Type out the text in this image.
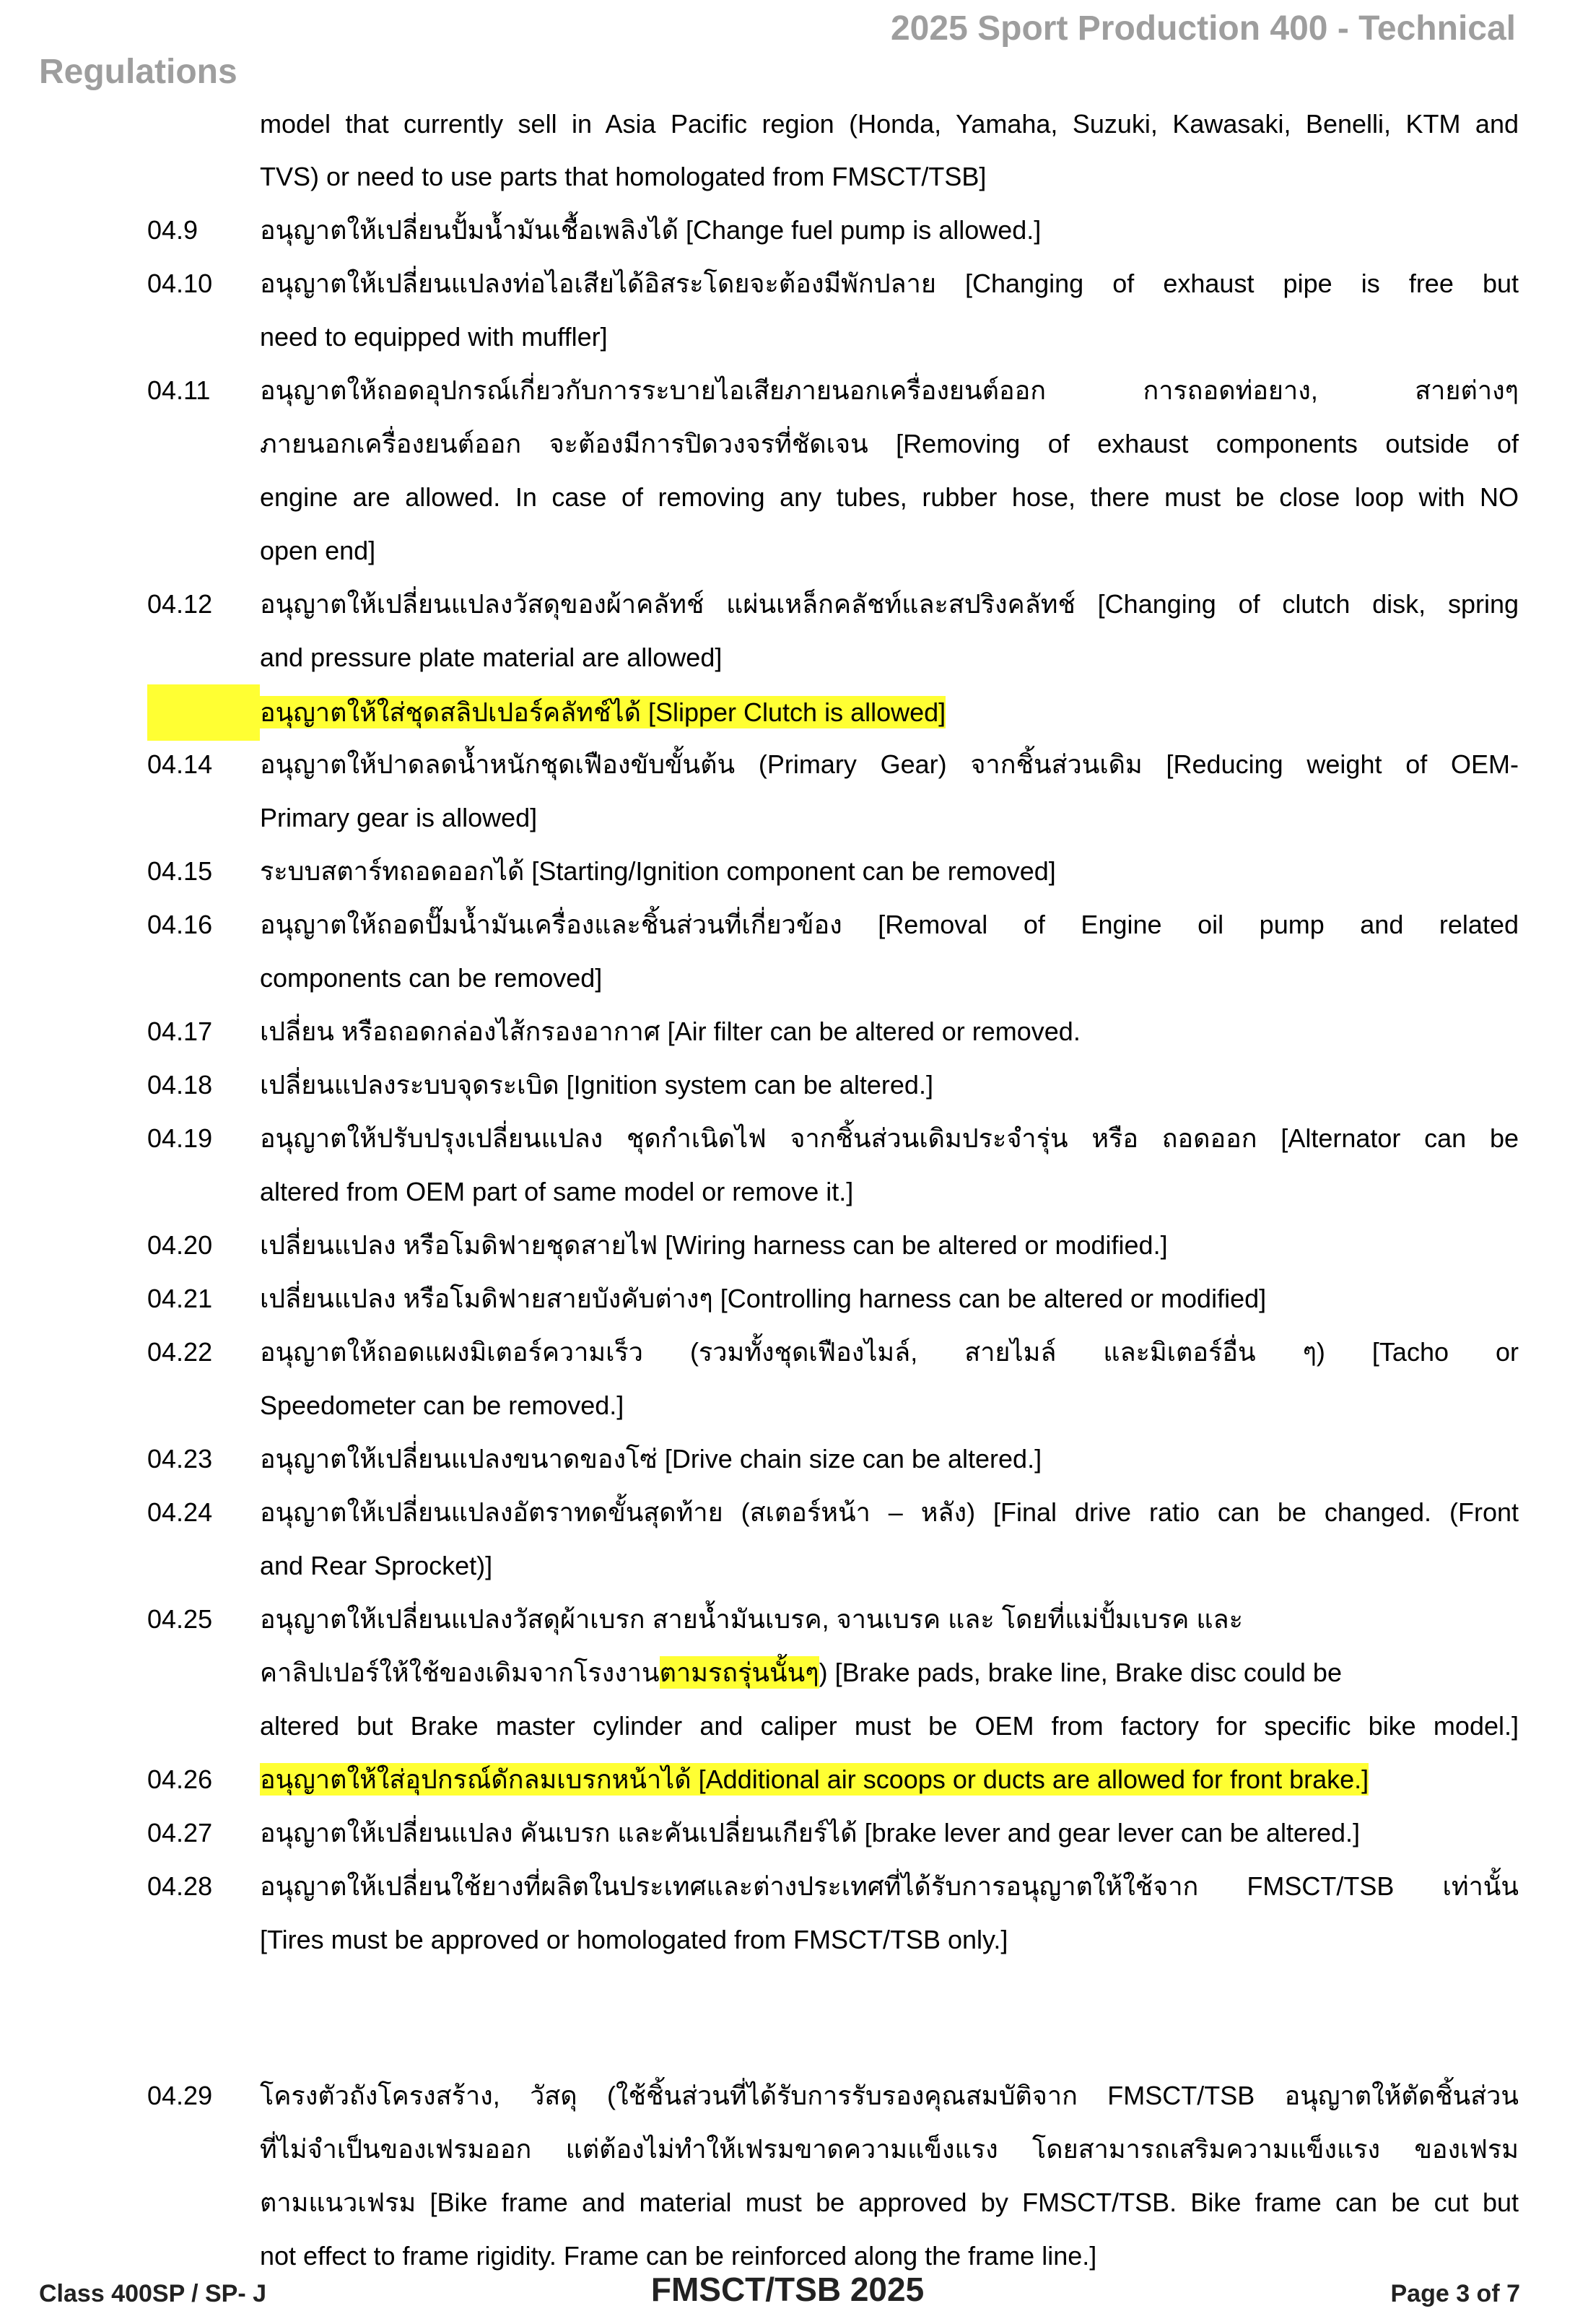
2025 Sport Production 400 - Technical
Regulations
model that currently sell in Asia Pacific region (Honda, Yamaha, Suzuki, Kawasaki, Benelli, KTM and
TVS) or need to use parts that homologated from FMSCT/TSB]
04.9 อนุญาตให้เปลี่ยนปั้มน้ำมันเชื้อเพลิงได้ [Change fuel pump is allowed.]
04.10 อนุญาตให้เปลี่ยนแปลงท่อไอเสียได้อิสระโดยจะต้องมีพักปลาย [Changing of exhaust pipe is free but
need to equipped with muffler]
04.11 อนุญาตให้ถอดอุปกรณ์เกี่ยวกับการระบายไอเสียภายนอกเครื่องยนต์ออก การถอดท่อยาง, สายต่างๆ
ภายนอกเครื่องยนต์ออก จะต้องมีการปิดวงจรที่ชัดเจน [Removing of exhaust components outside of
engine are allowed. In case of removing any tubes, rubber hose, there must be close loop with NO
open end]
04.12 อนุญาตให้เปลี่ยนแปลงวัสดุของผ้าคลัทช์ แผ่นเหล็กคลัชท์และสปริงคลัทช์ [Changing of clutch disk, spring
and pressure plate material are allowed]
อนุญาตให้ใส่ชุดสลิปเปอร์คลัทช์ได้ [Slipper Clutch is allowed]
04.14 อนุญาตให้ปาดลดน้ำหนักชุดเฟืองขับขั้นต้น (Primary Gear) จากชิ้นส่วนเดิม [Reducing weight of OEM-
Primary gear is allowed]
04.15 ระบบสตาร์ทถอดออกได้ [Starting/Ignition component can be removed]
04.16 อนุญาตให้ถอดปั๊มน้ำมันเครื่องและชิ้นส่วนที่เกี่ยวข้อง [Removal of Engine oil pump and related
components can be removed]
04.17 เปลี่ยน หรือถอดกล่องไส้กรองอากาศ [Air filter can be altered or removed.
04.18 เปลี่ยนแปลงระบบจุดระเบิด [Ignition system can be altered.]
04.19 อนุญาตให้ปรับปรุงเปลี่ยนแปลง ชุดกำเนิดไฟ จากชิ้นส่วนเดิมประจำรุ่น หรือ ถอดออก [Alternator can be
altered from OEM part of same model or remove it.]
04.20 เปลี่ยนแปลง หรือโมดิฟายชุดสายไฟ [Wiring harness can be altered or modified.]
04.21 เปลี่ยนแปลง หรือโมดิฟายสายบังคับต่างๆ [Controlling harness can be altered or modified]
04.22 อนุญาตให้ถอดแผงมิเตอร์ความเร็ว (รวมทั้งชุดเฟืองไมล์, สายไมล์ และมิเตอร์อื่น ๆ) [Tacho or
Speedometer can be removed.]
04.23 อนุญาตให้เปลี่ยนแปลงขนาดของโซ่ [Drive chain size can be altered.]
04.24 อนุญาตให้เปลี่ยนแปลงอัตราทดขั้นสุดท้าย (สเตอร์หน้า – หลัง) [Final drive ratio can be changed. (Front
and Rear Sprocket)]
04.25 อนุญาตให้เปลี่ยนแปลงวัสดุผ้าเบรก สายน้ำมันเบรค, จานเบรค และ โดยที่แม่ปั้มเบรค และ
คาลิปเปอร์ให้ใช้ของเดิมจากโรงงานตามรถรุ่นนั้นๆ) [Brake pads, brake line, Brake disc could be
altered but Brake master cylinder and caliper must be OEM from factory for specific bike model.]
04.26 อนุญาตให้ใส่อุปกรณ์ดักลมเบรกหน้าได้ [Additional air scoops or ducts are allowed for front brake.]
04.27 อนุญาตให้เปลี่ยนแปลง คันเบรก และคันเปลี่ยนเกียร์ได้ [brake lever and gear lever can be altered.]
04.28 อนุญาตให้เปลี่ยนใช้ยางที่ผลิตในประเทศและต่างประเทศที่ได้รับการอนุญาตให้ใช้จาก FMSCT/TSB เท่านั้น
[Tires must be approved or homologated from FMSCT/TSB only.]
04.29 โครงตัวถังโครงสร้าง, วัสดุ (ใช้ชิ้นส่วนที่ได้รับการรับรองคุณสมบัติจาก FMSCT/TSB อนุญาตให้ตัดชิ้นส่วน
ที่ไม่จำเป็นของเฟรมออก แต่ต้องไม่ทำให้เฟรมขาดความแข็งแรง โดยสามารถเสริมความแข็งแรง ของเฟรม
ตามแนวเฟรม [Bike frame and material must be approved by FMSCT/TSB. Bike frame can be cut but
not effect to frame rigidity. Frame can be reinforced along the frame line.]
Class 400SP / SP- J	FMSCT/TSB 2025	Page 3 of 7
